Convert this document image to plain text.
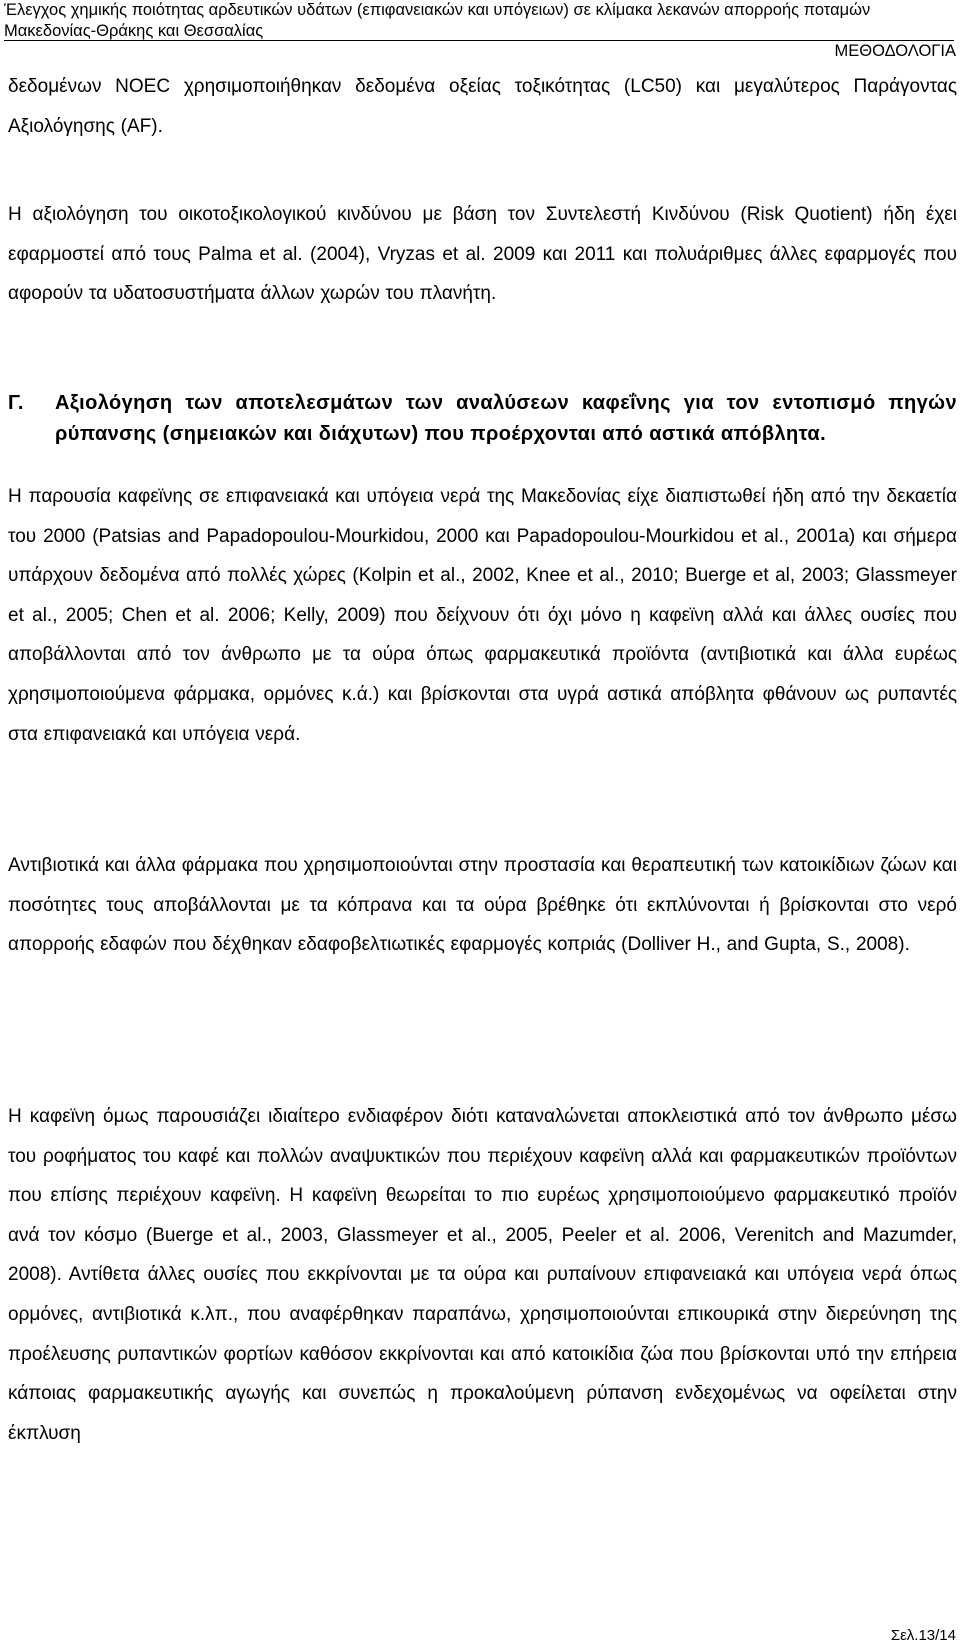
Έλεγχος χημικής ποιότητας αρδευτικών υδάτων (επιφανειακών και υπόγειων) σε κλίμακα λεκανών απορροής ποταμών
Μακεδονίας-Θράκης και Θεσσαλίας
ΜΕΘΟΔΟΛΟΓΙΑ

δεδομένων NOEC χρησιμοποιήθηκαν δεδομένα οξείας τοξικότητας (LC50) και μεγαλύτερος Παράγοντας Αξιολόγησης (AF).

Η αξιολόγηση του οικοτοξικολογικού κινδύνου με βάση τον Συντελεστή Κινδύνου (Risk Quotient) ήδη έχει εφαρμοστεί από τους Palma et al. (2004), Vryzas et al. 2009 και 2011 και πολυάριθμες άλλες εφαρμογές που αφορούν τα υδατοσυστήματα άλλων χωρών του πλανήτη.

Γ. Αξιολόγηση των αποτελεσμάτων των αναλύσεων καφεΐνης για τον εντοπισμό πηγών ρύπανσης (σημειακών και διάχυτων) που προέρχονται από αστικά απόβλητα.

Η παρουσία καφεϊνης σε επιφανειακά και υπόγεια νερά της Μακεδονίας είχε διαπιστωθεί ήδη από την δεκαετία του 2000 (Patsias and Papadopoulou-Mourkidou, 2000 και Papadopoulou-Mourkidou et al., 2001a) και σήμερα υπάρχουν δεδομένα από πολλές χώρες (Kolpin et al., 2002, Knee et al., 2010; Buerge et al, 2003; Glassmeyer et al., 2005; Chen et al. 2006; Kelly, 2009) που δείχνουν ότι όχι μόνο η καφεϊνη αλλά και άλλες ουσίες που αποβάλλονται από τον άνθρωπο με τα ούρα όπως φαρμακευτικά προϊόντα (αντιβιοτικά και άλλα ευρέως χρησιμοποιούμενα φάρμακα, ορμόνες κ.ά.) και βρίσκονται στα υγρά αστικά απόβλητα φθάνουν ως ρυπαντές στα επιφανειακά και υπόγεια νερά.

Αντιβιοτικά και άλλα φάρμακα που χρησιμοποιούνται στην προστασία και θεραπευτική των κατοικίδιων ζώων και ποσότητες τους αποβάλλονται με τα κόπρανα και τα ούρα βρέθηκε ότι εκπλύνονται ή βρίσκονται στο νερό απορροής εδαφών που δέχθηκαν εδαφοβελτιωτικές εφαρμογές κοπριάς (Dolliver H., and Gupta, S., 2008).

Η καφεϊνη όμως παρουσιάζει ιδιαίτερο ενδιαφέρον διότι καταναλώνεται αποκλειστικά από τον άνθρωπο μέσω του ροφήματος του καφέ και πολλών αναψυκτικών που περιέχουν καφεϊνη αλλά και φαρμακευτικών προϊόντων που επίσης περιέχουν καφεϊνη. Η καφεϊνη θεωρείται το πιο ευρέως χρησιμοποιούμενο φαρμακευτικό προϊόν ανά τον κόσμο (Buerge et al., 2003, Glassmeyer et al., 2005, Peeler et al. 2006, Verenitch and Mazumder, 2008). Αντίθετα άλλες ουσίες που εκκρίνονται με τα ούρα και ρυπαίνουν επιφανειακά και υπόγεια νερά όπως ορμόνες, αντιβιοτικά κ.λπ., που αναφέρθηκαν παραπάνω, χρησιμοποιούνται επικουρικά στην διερεύνηση της προέλευσης ρυπαντικών φορτίων καθόσον εκκρίνονται και από κατοικίδια ζώα που βρίσκονται υπό την επήρεια κάποιας φαρμακευτικής αγωγής και συνεπώς η προκαλούμενη ρύπανση ενδεχομένως να οφείλεται στην έκπλυση

Σελ.13/14
